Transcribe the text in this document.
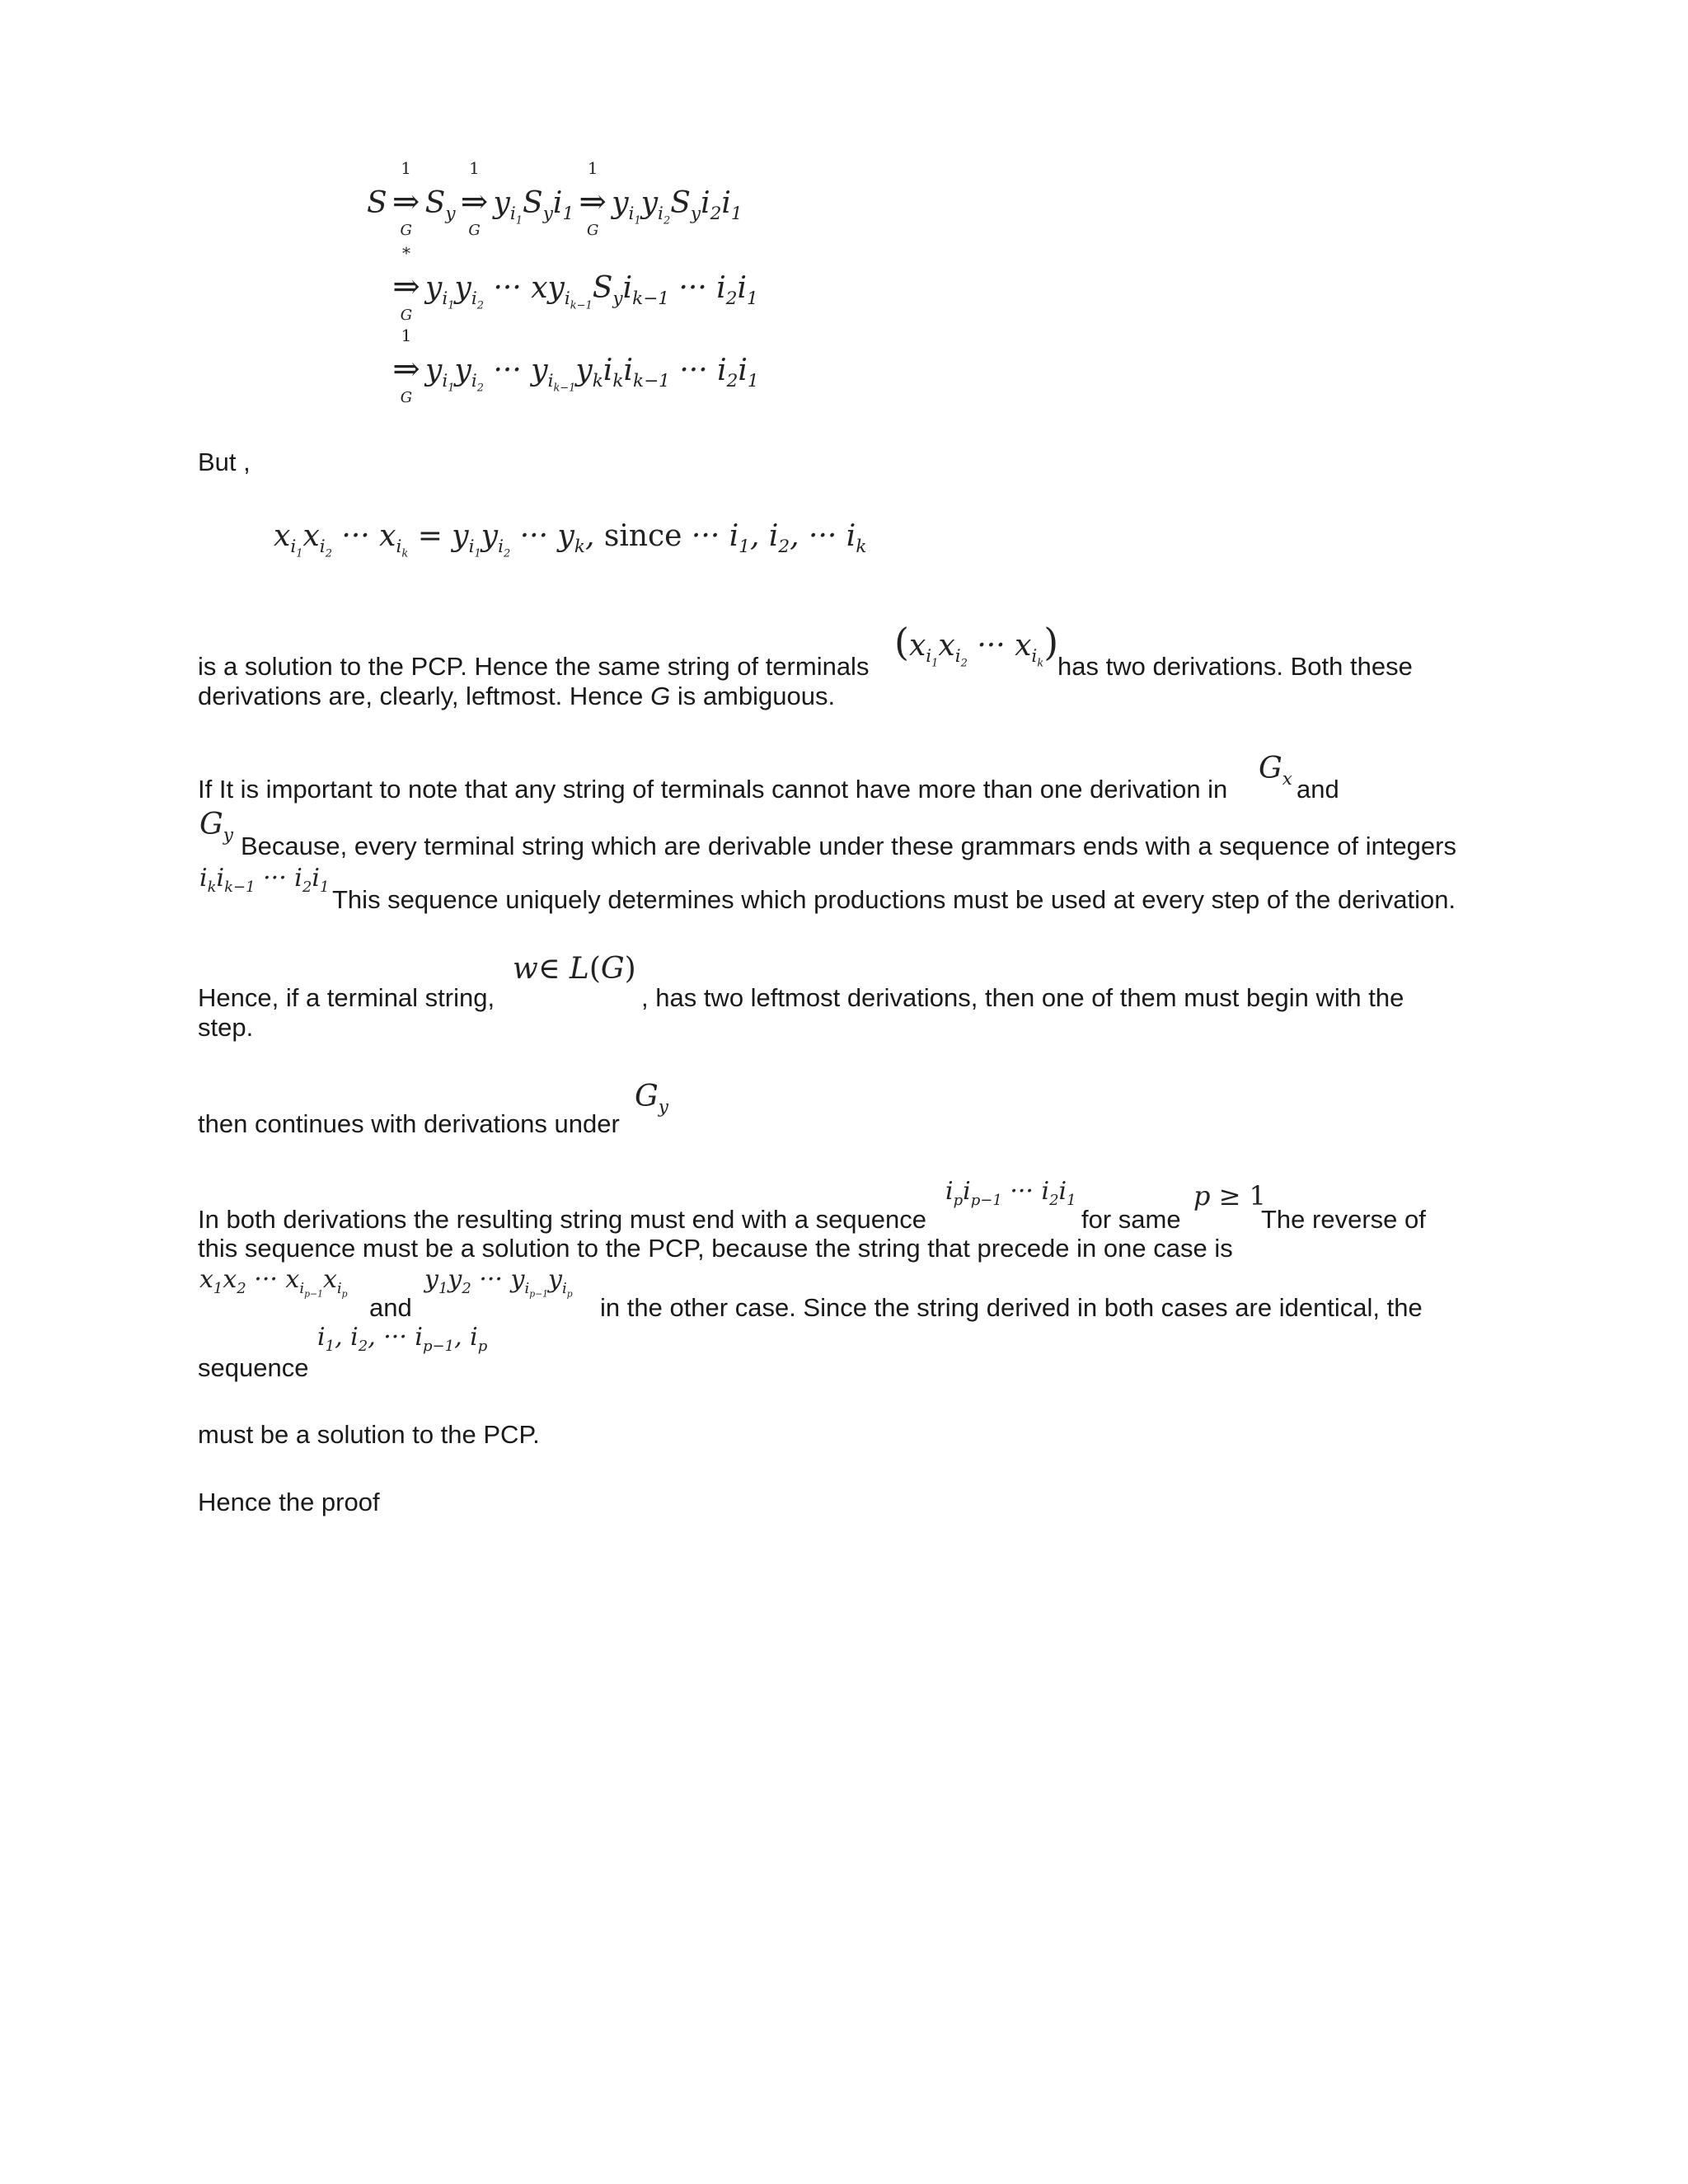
S
1
⇒
G
$S_y$
1
⇒
G
$y_{i_1}S_yi_1$
1
⇒
G
$y_{i_1}y_{i_2}S_yi_2i_1$
*
⇒
G
$y_{i_1}y_{i_2}$ ··· $xy_{i_{k-1}}S_yi_{k-1}$ ··· $i_2i_1$
1
⇒
G
$y_{i_1}y_{i_2}$ ··· $y_{i_{k-1}}y_ki_ki_{k-1}$ ··· $i_2i_1$
But ,
$x_{i_1}x_{i_2}$ ··· $x_{i_k} = y_{i_1}y_{i_2}$ ··· $y_k$, since ··· $i_1$, $i_2$, ··· $i_k$
is a solution to the PCP. Hence the same string of terminals
($x_{i_1}x_{i_2}$ ··· $x_{i_k}$)
has two derivations. Both these
derivations are, clearly, leftmost. Hence G is ambiguous.
If It is important to note that any string of terminals cannot have more than one derivation in
$G_x$ and
$G_y$ Because, every terminal string which are derivable under these grammars ends with a sequence of integers
$i_ki_{k-1}$ ··· $i_2i_1$ This sequence uniquely determines which productions must be used at every step of the derivation.
Hence, if a terminal string,
w∈ L(G)
, has two leftmost derivations, then one of them must begin with the
step.
then continues with derivations under
$G_y$
In both derivations the resulting string must end with a sequence
$i_pi_{p-1}$ ··· $i_2i_1$
for same
p ≥ 1
The reverse of
this sequence must be a solution to the PCP, because the string that precede in one case is
$x_1x_2$ ··· $x_{i_{p-1}}x_{i_p}$ and
$y_1y_2$ ··· $y_{i_{p-1}}y_{i_p}$ in the other case. Since the string derived in both cases are identical, the
sequence
$i_1$, $i_2$, ··· $i_{p-1}$, $i_p$
must be a solution to the PCP.
Hence the proof
